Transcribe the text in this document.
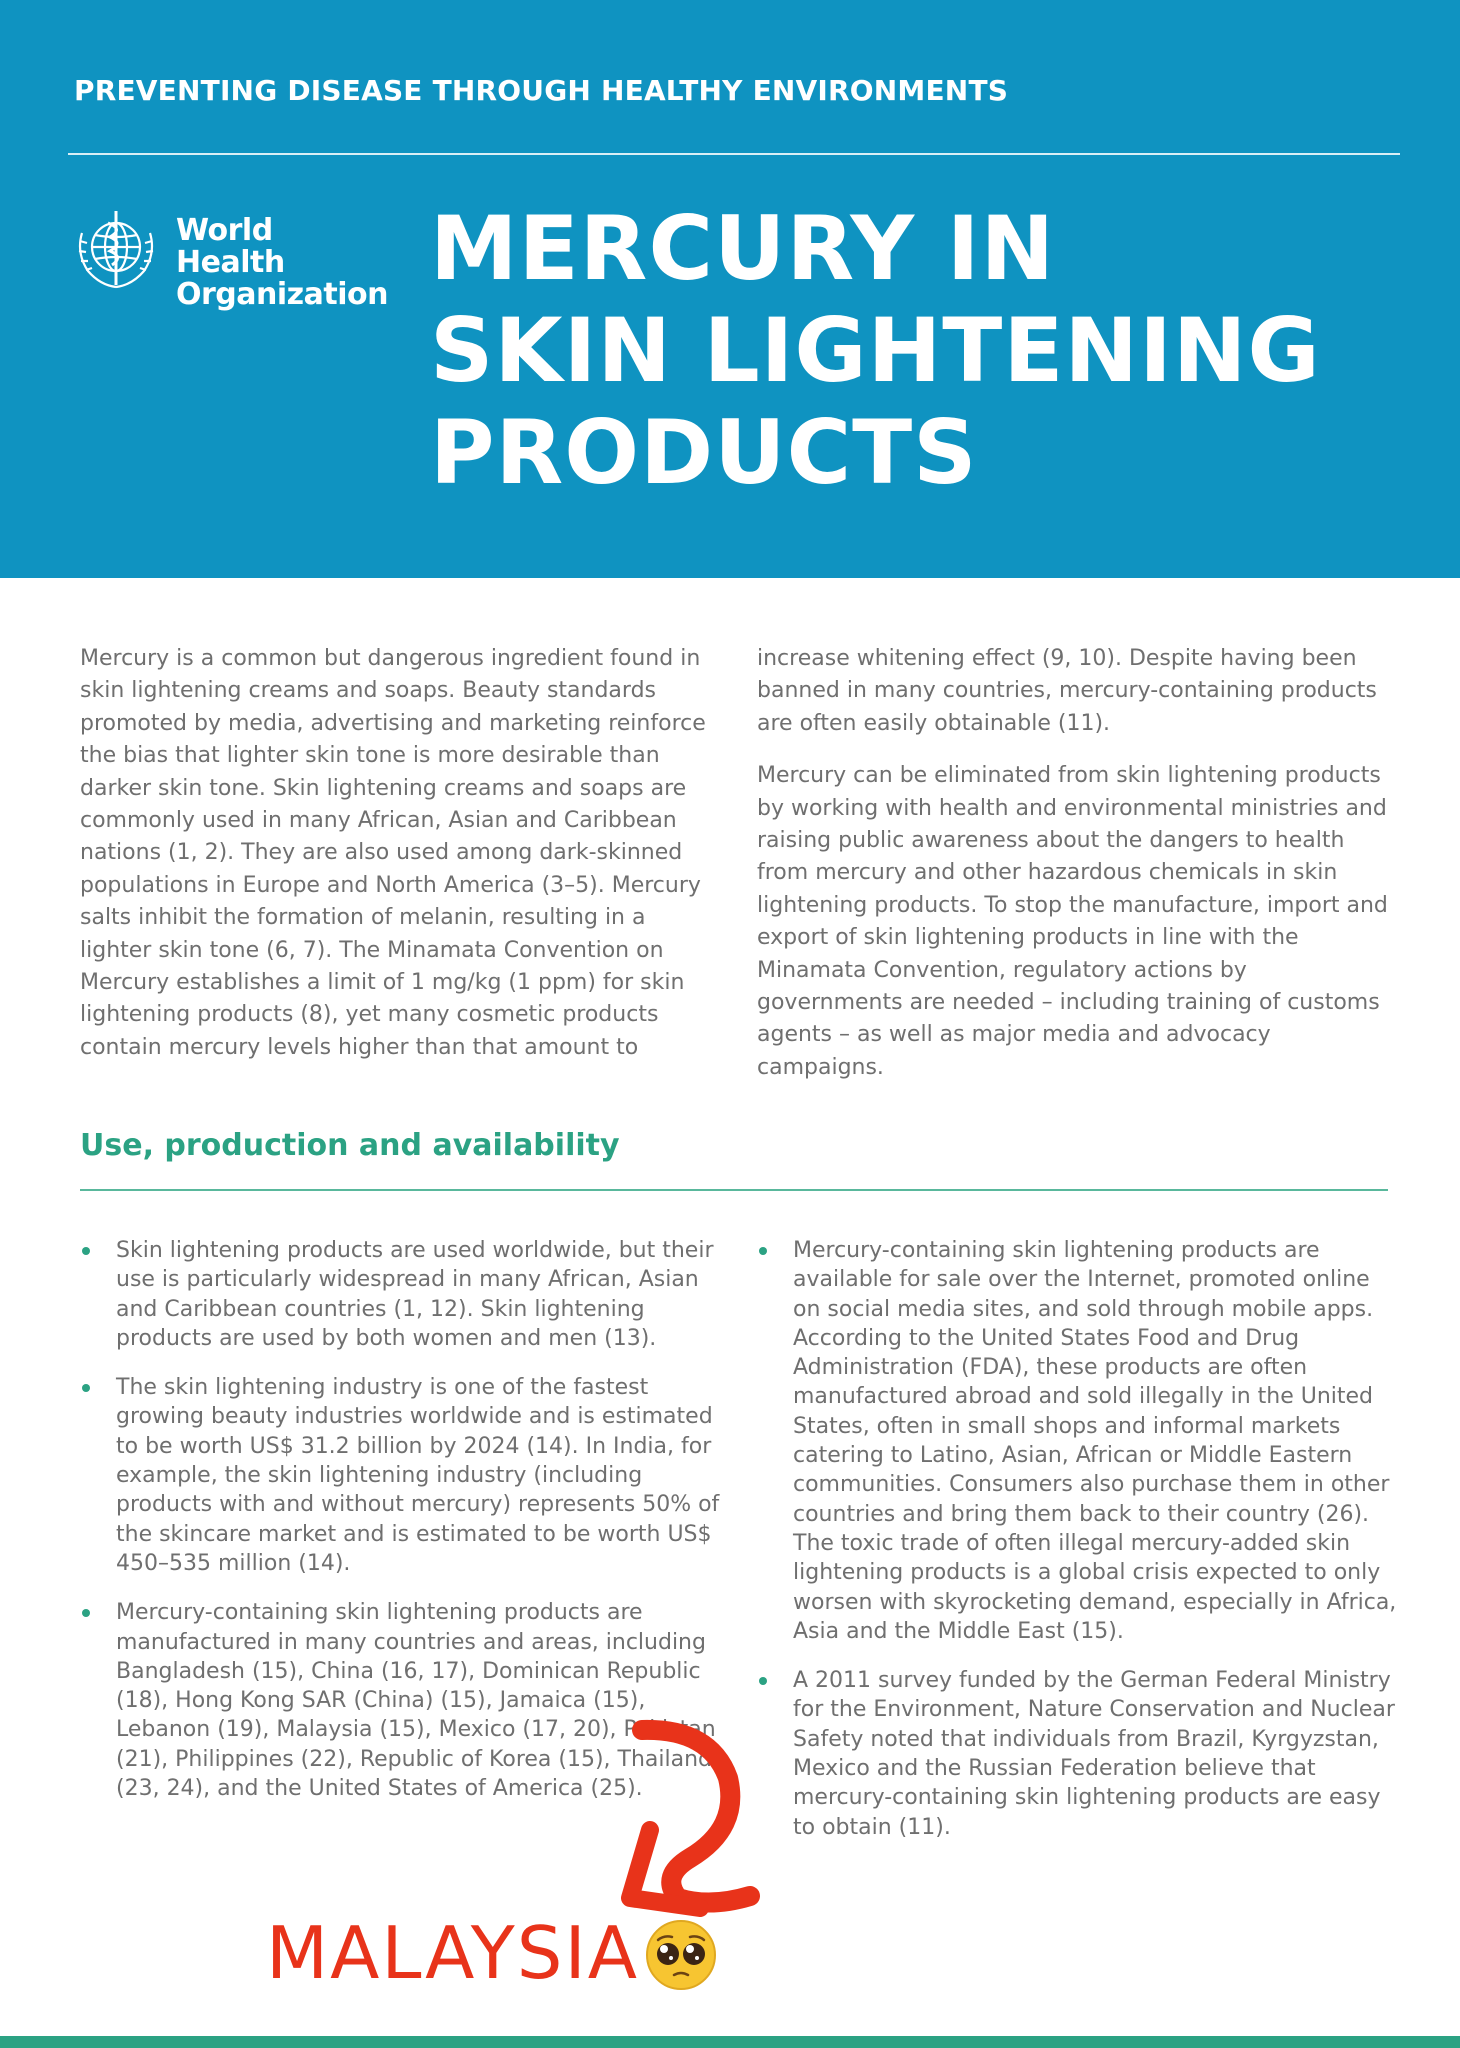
PREVENTING DISEASE THROUGH HEALTHY ENVIRONMENTS
World Health
Organization MERCURY IN
SKIN LIGHTENING
PRODUCTS

Mercury is a common but dangerous ingredient found in skin lightening creams and soaps. Beauty standards promoted by media, advertising and marketing reinforce the bias that lighter skin tone is more desirable than darker skin tone. Skin lightening creams and soaps are commonly used in many African, Asian and Caribbean nations (1, 2). They are also used among dark-skinned populations in Europe and North America (3–5). Mercury salts inhibit the formation of melanin, resulting in a lighter skin tone (6, 7). The Minamata Convention on Mercury establishes a limit of 1 mg/kg (1 ppm) for skin lightening products (8), yet many cosmetic products contain mercury levels higher than that amount to

increase whitening effect (9, 10). Despite having been banned in many countries, mercury-containing products are often easily obtainable (11).

Mercury can be eliminated from skin lightening products by working with health and environmental ministries and raising public awareness about the dangers to health from mercury and other hazardous chemicals in skin lightening products. To stop the manufacture, import and export of skin lightening products in line with the Minamata Convention, regulatory actions by governments are needed – including training of customs agents – as well as major media and advocacy campaigns.

Use, production and availability
Skin lightening products are used worldwide, but their use is particularly widespread in many African, Asian and Caribbean countries (1, 12). Skin lightening products are used by both women and men (13).
The skin lightening industry is one of the fastest growing beauty industries worldwide and is estimated to be worth US$ 31.2 billion by 2024 (14). In India, for example, the skin lightening industry (including products with and without mercury) represents 50% of the skincare market and is estimated to be worth US$ 450–535 million (14).
Mercury-containing skin lightening products are manufactured in many countries and areas, including Bangladesh (15), China (16, 17), Dominican Republic (18), Hong Kong SAR (China) (15), Jamaica (15), Lebanon (19), Malaysia (15), Mexico (17, 20), Pakistan (21), Philippines (22), Republic of Korea (15), Thailand (23, 24), and the United States of America (25).
Mercury-containing skin lightening products are available for sale over the Internet, promoted online on social media sites, and sold through mobile apps. According to the United States Food and Drug Administration (FDA), these products are often manufactured abroad and sold illegally in the United States, often in small shops and informal markets catering to Latino, Asian, African or Middle Eastern communities. Consumers also purchase them in other countries and bring them back to their country (26). The toxic trade of often illegal mercury-added skin lightening products is a global crisis expected to only worsen with skyrocketing demand, especially in Africa, Asia and the Middle East (15).
A 2011 survey funded by the German Federal Ministry for the Environment, Nature Conservation and Nuclear Safety noted that individuals from Brazil, Kyrgyzstan, Mexico and the Russian Federation believe that mercury-containing skin lightening products are easy to obtain (11).
MALAYSIA
